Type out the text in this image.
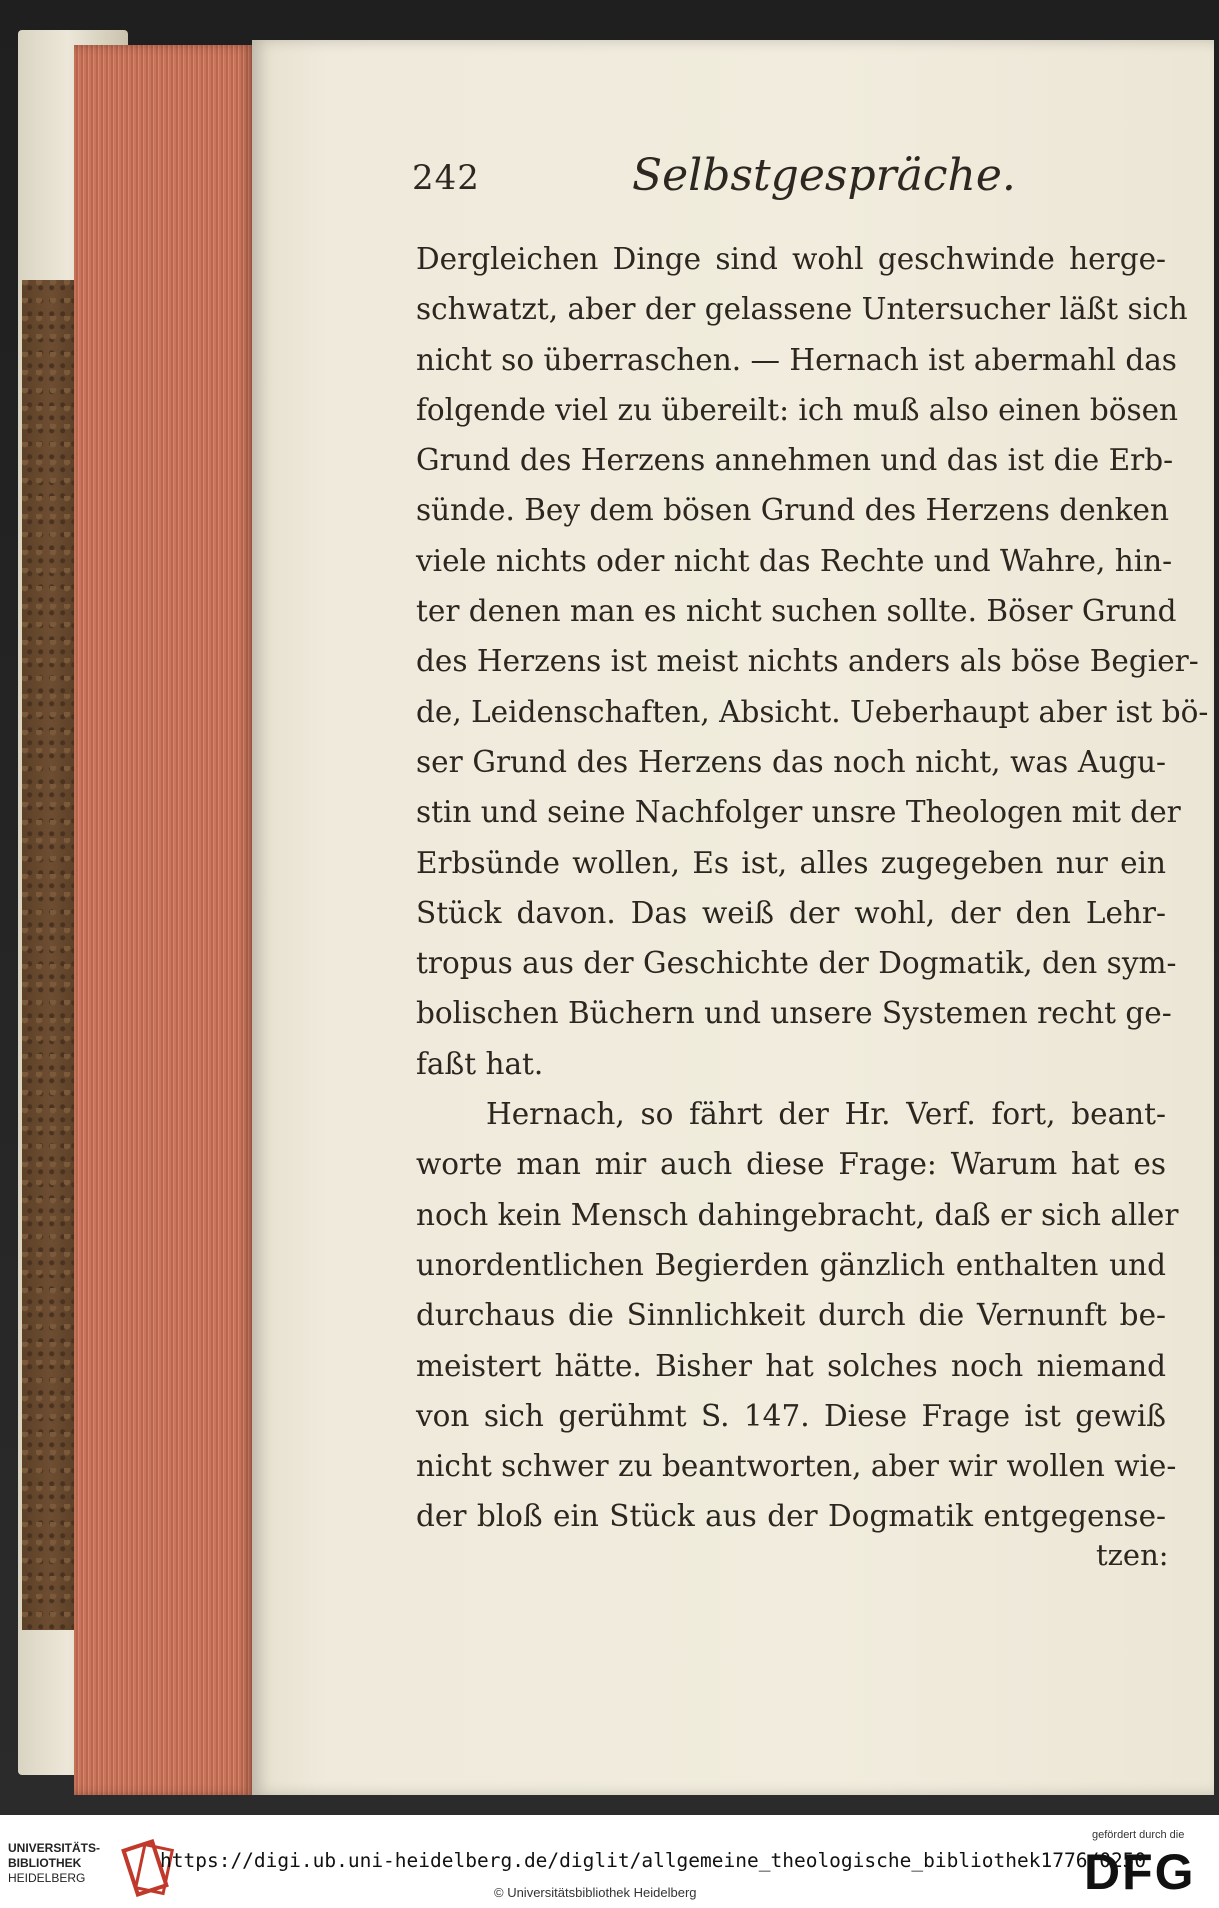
242	Selbstgespräche.
Dergleichen Dinge sind wohl geschwinde herge-
schwatzt, aber der gelassene Untersucher läßt sich
nicht so überraschen. — Hernach ist abermahl das
folgende viel zu übereilt: ich muß also einen bösen
Grund des Herzens annehmen und das ist die Erb-
sünde. Bey dem bösen Grund des Herzens denken
viele nichts oder nicht das Rechte und Wahre, hin-
ter denen man es nicht suchen sollte. Böser Grund
des Herzens ist meist nichts anders als böse Begier-
de, Leidenschaften, Absicht. Ueberhaupt aber ist bö-
ser Grund des Herzens das noch nicht, was Augu-
stin und seine Nachfolger unsre Theologen mit der
Erbsünde wollen, Es ist, alles zugegeben nur ein
Stück davon. Das weiß der wohl, der den Lehr-
tropus aus der Geschichte der Dogmatik, den sym-
bolischen Büchern und unsere Systemen recht ge-
faßt hat.
Hernach, so fährt der Hr. Verf. fort, beant-
worte man mir auch diese Frage: Warum hat es
noch kein Mensch dahingebracht, daß er sich aller
unordentlichen Begierden gänzlich enthalten und
durchaus die Sinnlichkeit durch die Vernunft be-
meistert hätte. Bisher hat solches noch niemand
von sich gerühmt S. 147. Diese Frage ist gewiß
nicht schwer zu beantworten, aber wir wollen wie-
der bloß ein Stück aus der Dogmatik entgegense-
tzen:
UNIVERSITÄTS-
BIBLIOTHEK
HEIDELBERG
https://digi.ub.uni-heidelberg.de/diglit/allgemeine_theologische_bibliothek1776/0250
© Universitätsbibliothek Heidelberg
gefördert durch die
DFG
